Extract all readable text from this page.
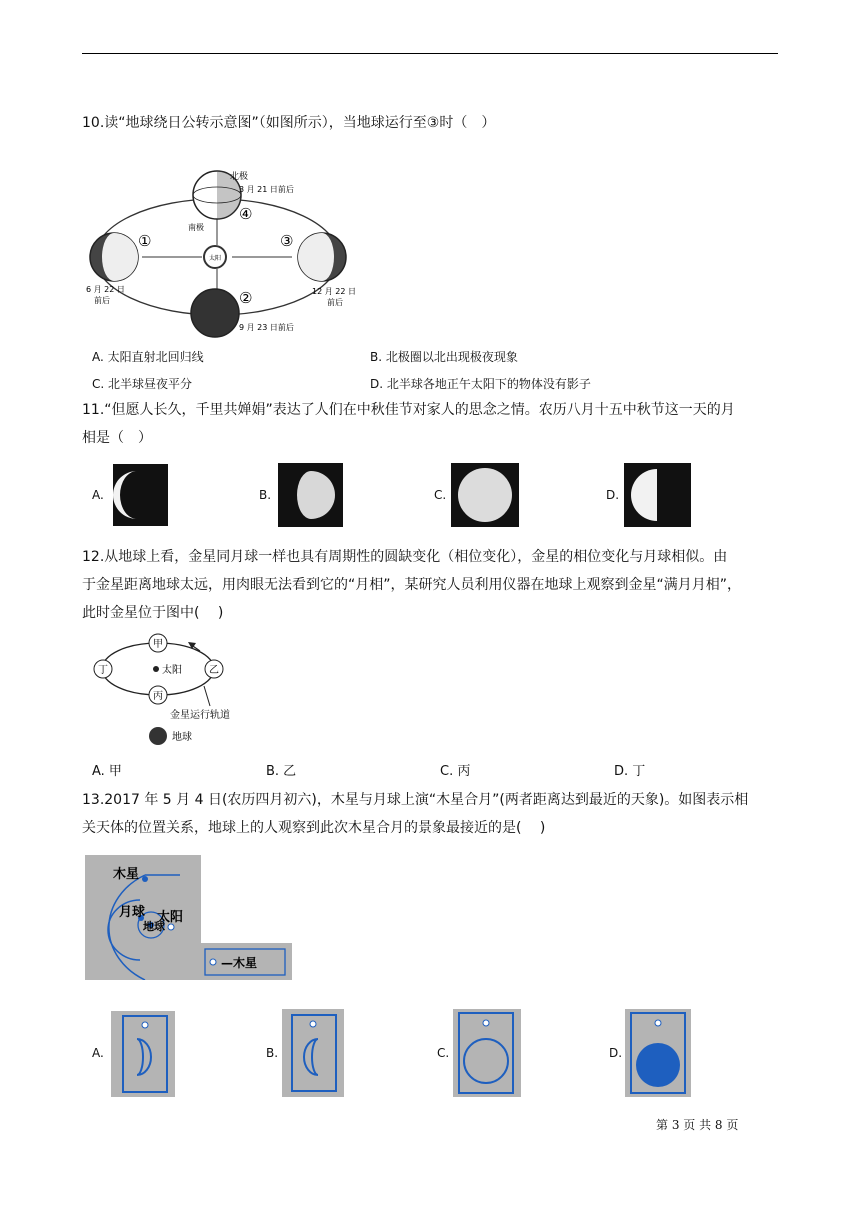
10.读“地球绕日公转示意图”（如图所示），当地球运行至③时（　）
太阳
北极
3 月 21 日前后
南极
6 月 22 日
前后
12 月 22 日
前后
9 月 23 日前后
①
②
③
④
A. 太阳直射北回归线	B. 北极圈以北出现极夜现象
C. 北半球昼夜平分	D. 北半球各地正午太阳下的物体没有影子
11.“但愿人长久，千里共婵娟”表达了人们在中秋佳节对家人的思念之情。农历八月十五中秋节这一天的月
相是（　）
A.	B.	C.	D.
12.从地球上看，金星同月球一样也具有周期性的圆缺变化（相位变化），金星的相位变化与月球相似。由
于金星距离地球太远，用肉眼无法看到它的“月相”，某研究人员利用仪器在地球上观察到金星“满月月相”，
此时金星位于图中(　 )
甲
乙
丙
丁	太阳
金星运行轨道
地球
A. 甲	B. 乙	C. 丙	D. 丁
13.2017 年 5 月 4 日(农历四月初六)，木星与月球上演“木星合月”(两者距离达到最近的天象)。如图表示相
关天体的位置关系，地球上的人观察到此次木星合月的景象最接近的是(　 )
木星
月球 太阳
地球
—木星
A.	B.	C.	D.
第 3 页 共 8 页
